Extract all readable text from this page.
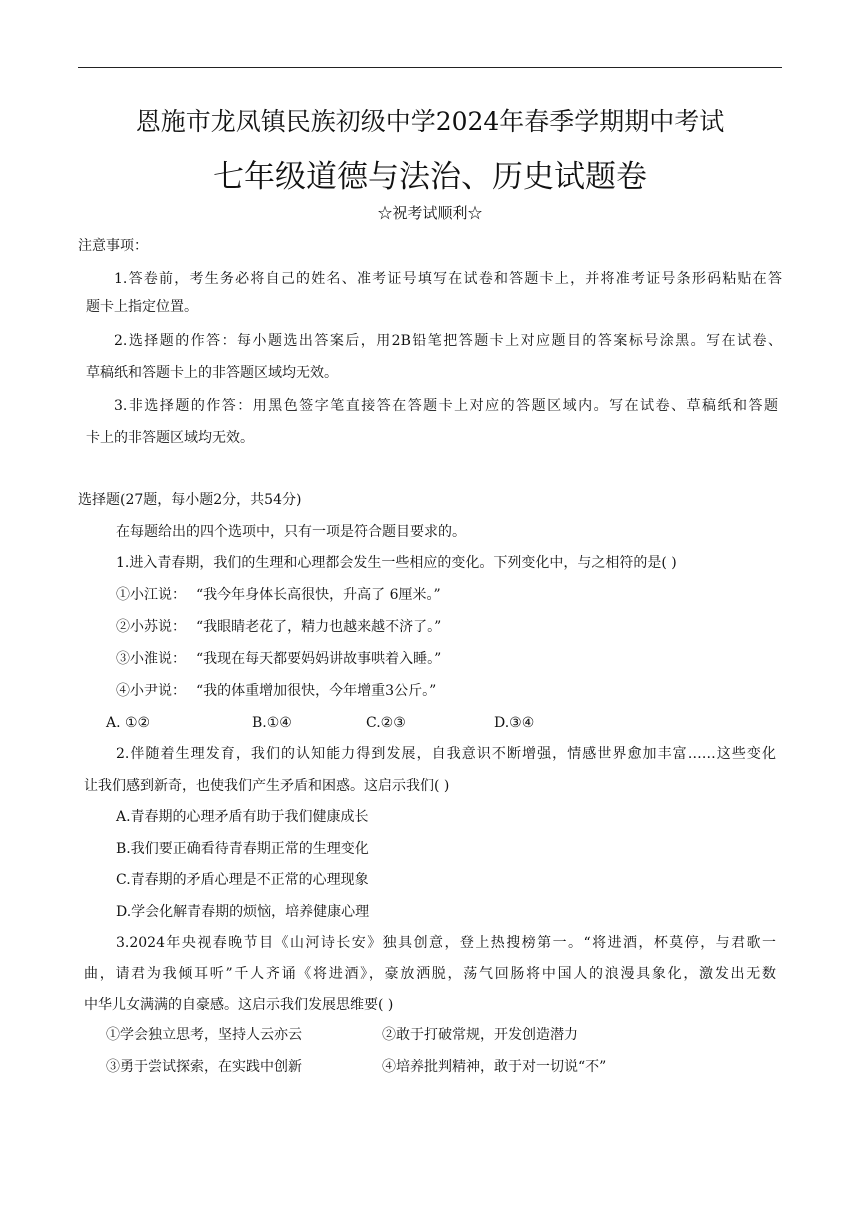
恩施市龙凤镇民族初级中学2024年春季学期期中考试
七年级道德与法治、历史试题卷
☆祝考试顺利☆
注意事项：
1.答卷前，考生务必将自己的姓名、准考证号填写在试卷和答题卡上，并将准考证号条形码粘贴在答
题卡上指定位置。
2.选择题的作答：每小题选出答案后，用2B铅笔把答题卡上对应题目的答案标号涂黑。写在试卷、
草稿纸和答题卡上的非答题区域均无效。
3.非选择题的作答：用黑色签字笔直接答在答题卡上对应的答题区域内。写在试卷、草稿纸和答题
卡上的非答题区域均无效。
选择题(27题，每小题2分，共54分)
在每题给出的四个选项中，只有一项是符合题目要求的。
1.进入青春期，我们的生理和心理都会发生一些相应的变化。下列变化中，与之相符的是( )
①小江说： “我今年身体长高很快，升高了 6厘米。”
②小苏说： “我眼睛老花了，精力也越来越不济了。”
③小淮说： “我现在每天都要妈妈讲故事哄着入睡。”
④小尹说： “我的体重增加很快，今年增重3公斤。”
A. ①②	B.①④	C.②③	D.③④
2.伴随着生理发育，我们的认知能力得到发展，自我意识不断增强，情感世界愈加丰富……这些变化
让我们感到新奇，也使我们产生矛盾和困惑。这启示我们( )
A.青春期的心理矛盾有助于我们健康成长
B.我们要正确看待青春期正常的生理变化
C.青春期的矛盾心理是不正常的心理现象
D.学会化解青春期的烦恼，培养健康心理
3.2024年央视春晚节目《山河诗长安》独具创意，登上热搜榜第一。“将进酒，杯莫停，与君歌一
曲，请君为我倾耳听”千人齐诵《将进酒》，豪放洒脱，荡气回肠将中国人的浪漫具象化，激发出无数
中华儿女满满的自豪感。这启示我们发展思维要( )
①学会独立思考，坚持人云亦云	②敢于打破常规，开发创造潜力
③勇于尝试探索，在实践中创新	④培养批判精神，敢于对一切说“不”
